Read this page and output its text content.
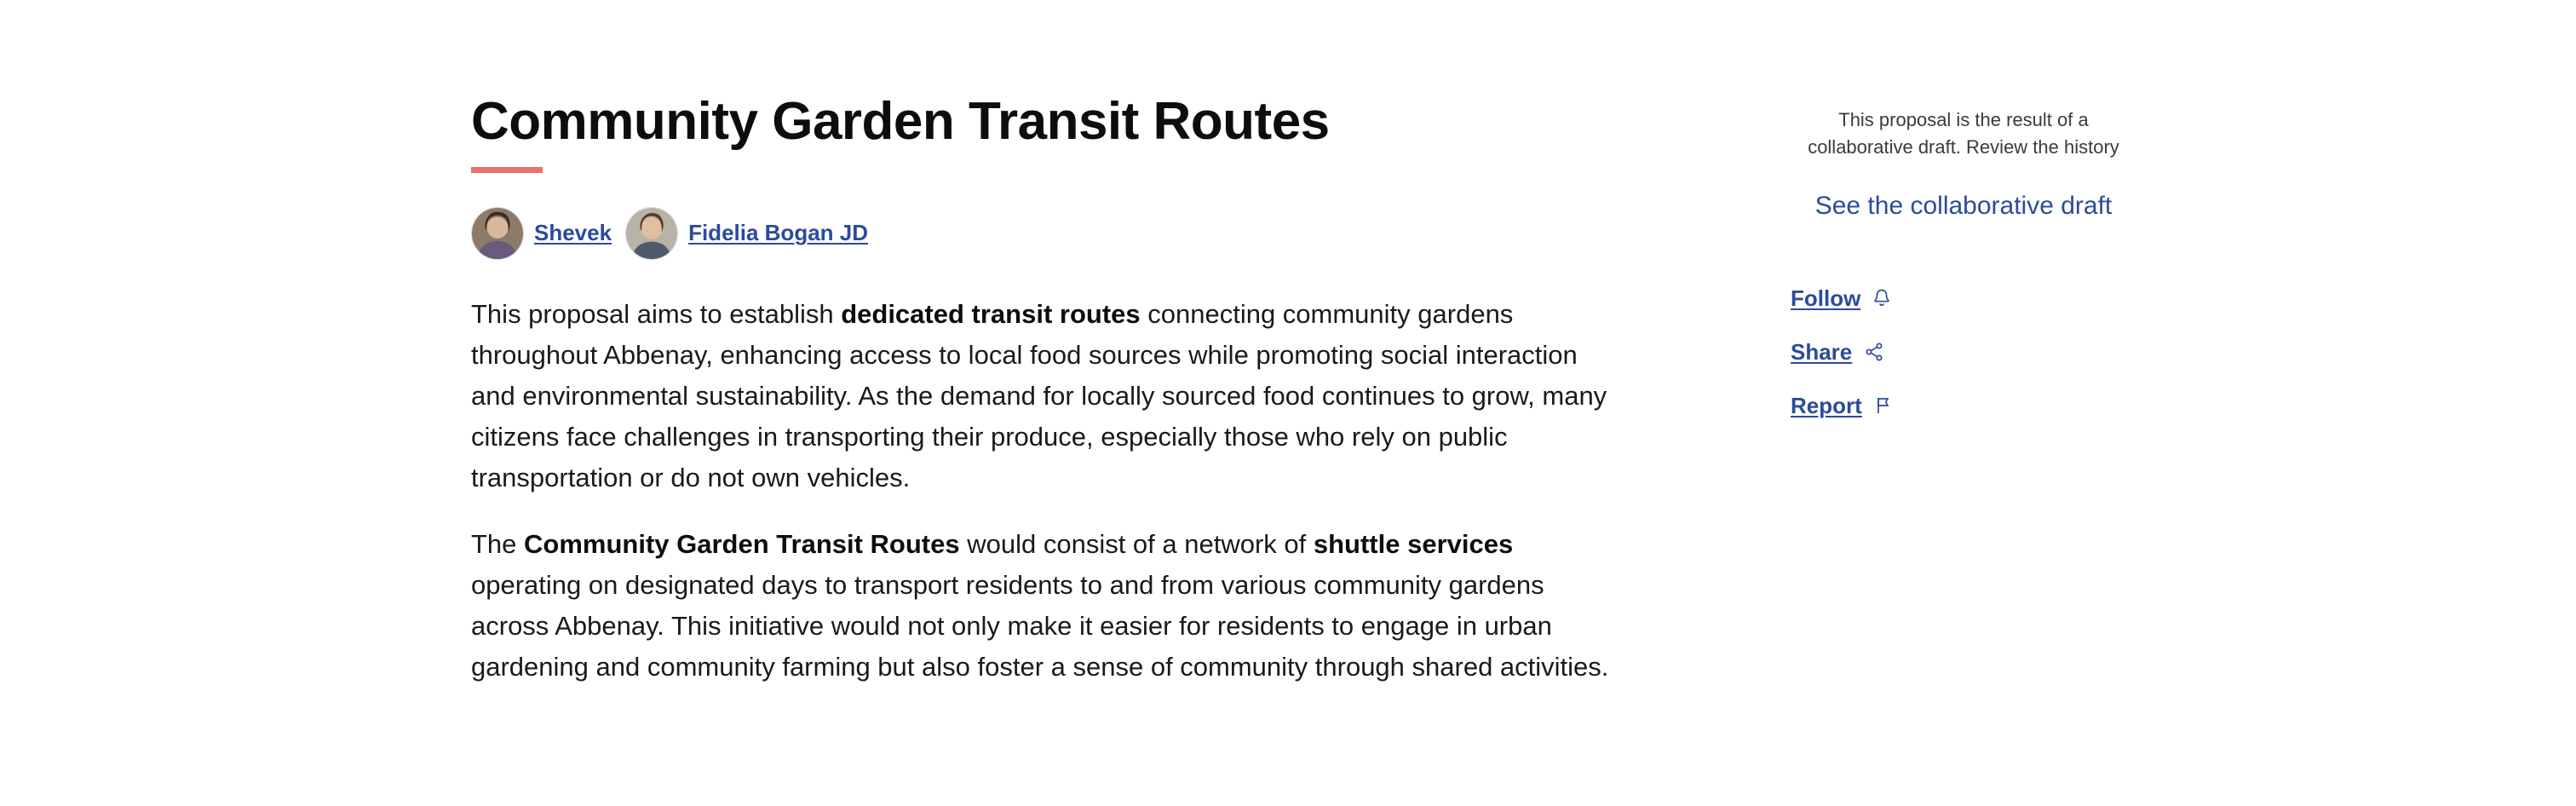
Community Garden Transit Routes
Shevek	Fidelia Bogan JD

This proposal aims to establish dedicated transit routes connecting community gardens throughout Abbenay, enhancing access to local food sources while promoting social interaction and environmental sustainability. As the demand for locally sourced food continues to grow, many citizens face challenges in transporting their produce, especially those who rely on public transportation or do not own vehicles.

The Community Garden Transit Routes would consist of a network of shuttle services operating on designated days to transport residents to and from various community gardens across Abbenay. This initiative would not only make it easier for residents to engage in urban gardening and community farming but also foster a sense of community through shared activities.

This proposal is the result of a collaborative draft. Review the history
See the collaborative draft
Follow
Share
Report
